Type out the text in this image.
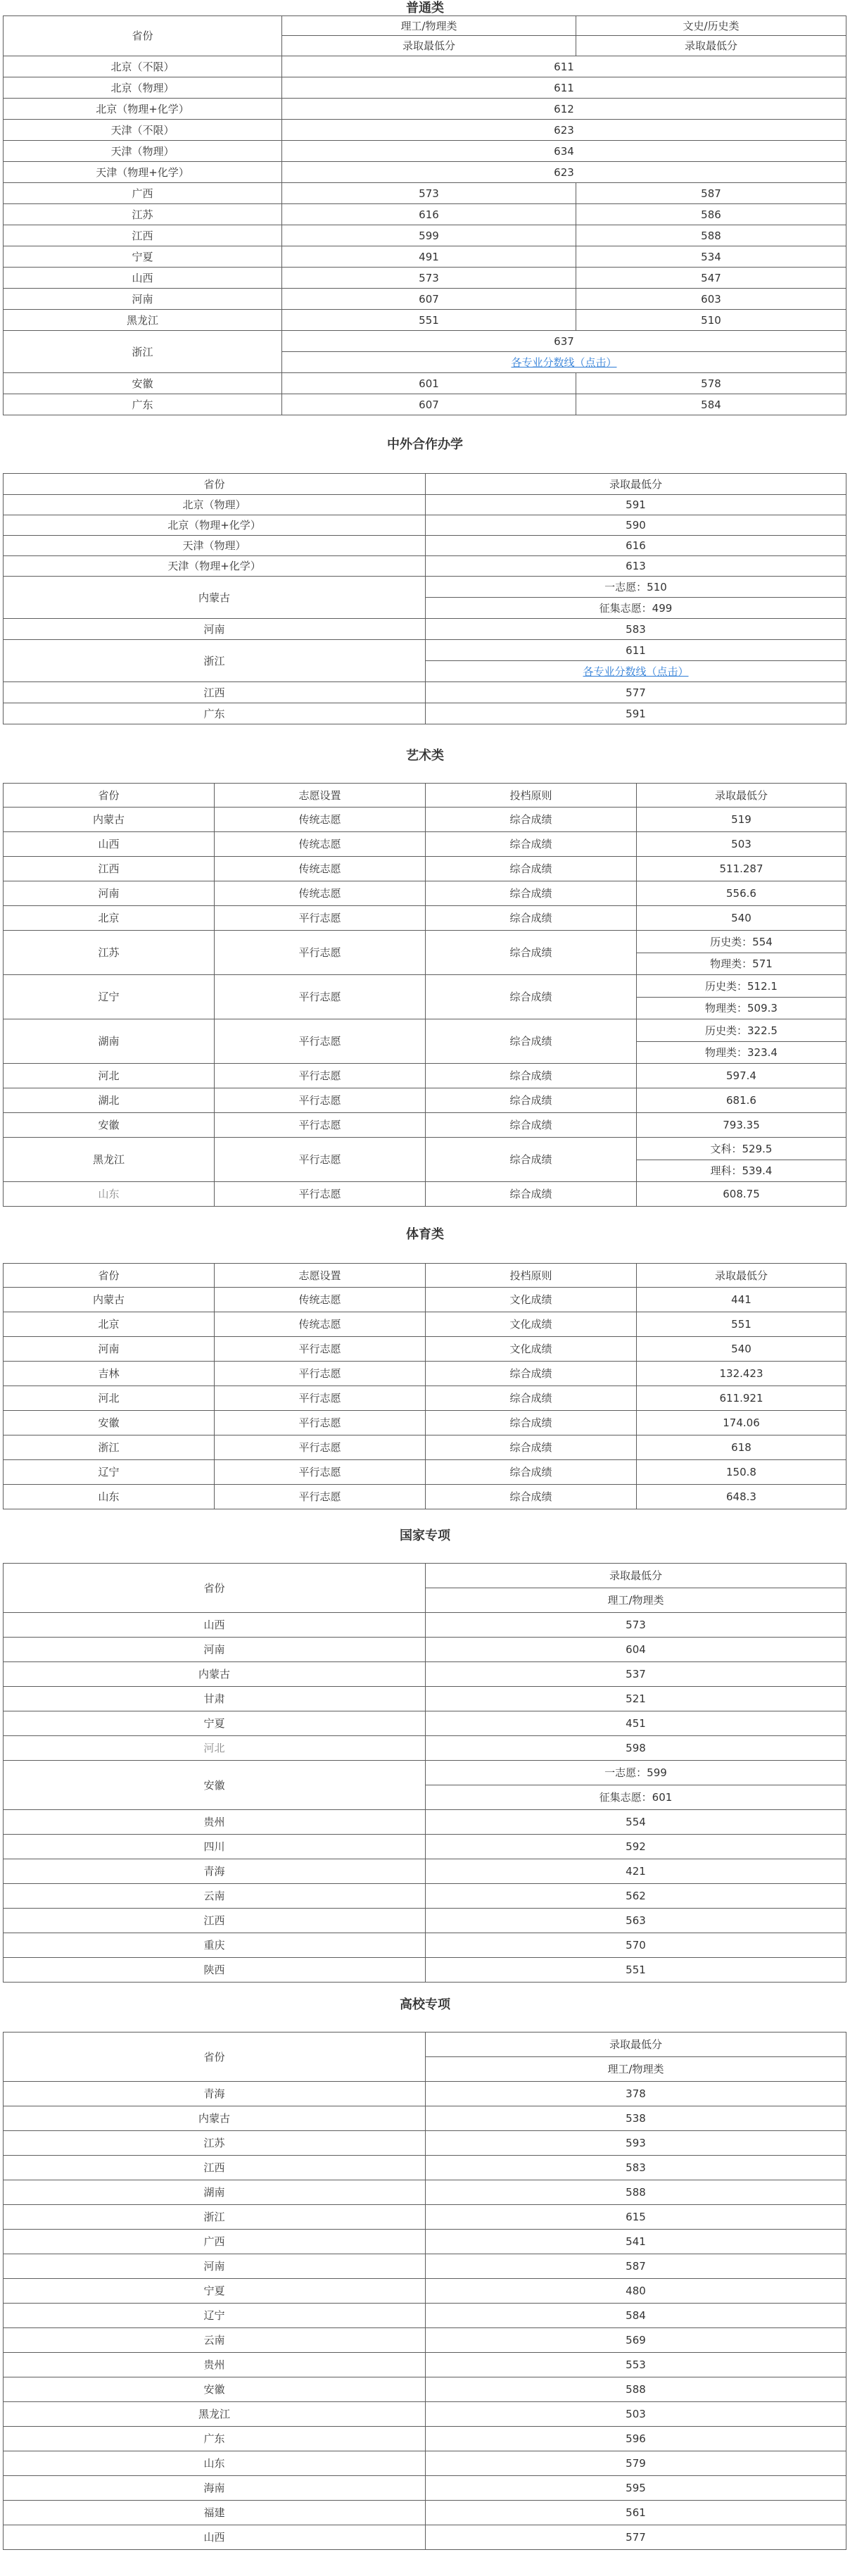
普通类
省份	理工/物理类	文史/历史类
	录取最低分	录取最低分
北京（不限）	611	
北京（物理）	611	
北京（物理+化学）	612	
天津（不限）	623	
天津（物理）	634	
天津（物理+化学）	623	
广西	573	587
江苏	616	586
江西	599	588
宁夏	491	534
山西	573	547
河南	607	603
黑龙江	551	510
浙江	637	
	各专业分数线（点击）	
安徽	601	578
广东	607	584
中外合作办学
省份	录取最低分
北京（物理）	591
北京（物理+化学）	590
天津（物理）	616
天津（物理+化学）	613
内蒙古	一志愿：510
	征集志愿：499
河南	583
浙江	611
	各专业分数线（点击）
江西	577
广东	591
艺术类
省份	志愿设置	投档原则	录取最低分
内蒙古	传统志愿	综合成绩	519
山西	传统志愿	综合成绩	503
江西	传统志愿	综合成绩	511.287
河南	传统志愿	综合成绩	556.6
北京	平行志愿	综合成绩	540
江苏	平行志愿	综合成绩	历史类：554
			物理类：571
辽宁	平行志愿	综合成绩	历史类：512.1
			物理类：509.3
湖南	平行志愿	综合成绩	历史类：322.5
			物理类：323.4
河北	平行志愿	综合成绩	597.4
湖北	平行志愿	综合成绩	681.6
安徽	平行志愿	综合成绩	793.35
黑龙江	平行志愿	综合成绩	文科：529.5
			理科：539.4
山东	平行志愿	综合成绩	608.75
体育类
省份	志愿设置	投档原则	录取最低分
内蒙古	传统志愿	文化成绩	441
北京	传统志愿	文化成绩	551
河南	平行志愿	文化成绩	540
吉林	平行志愿	综合成绩	132.423
河北	平行志愿	综合成绩	611.921
安徽	平行志愿	综合成绩	174.06
浙江	平行志愿	综合成绩	618
辽宁	平行志愿	综合成绩	150.8
山东	平行志愿	综合成绩	648.3
国家专项
省份	录取最低分
	理工/物理类
山西	573
河南	604
内蒙古	537
甘肃	521
宁夏	451
河北	598
安徽	一志愿：599
	征集志愿：601
贵州	554
四川	592
青海	421
云南	562
江西	563
重庆	570
陕西	551
高校专项
省份	录取最低分
	理工/物理类
青海	378
内蒙古	538
江苏	593
江西	583
湖南	588
浙江	615
广西	541
河南	587
宁夏	480
辽宁	584
云南	569
贵州	553
安徽	588
黑龙江	503
广东	596
山东	579
海南	595
福建	561
山西	577
